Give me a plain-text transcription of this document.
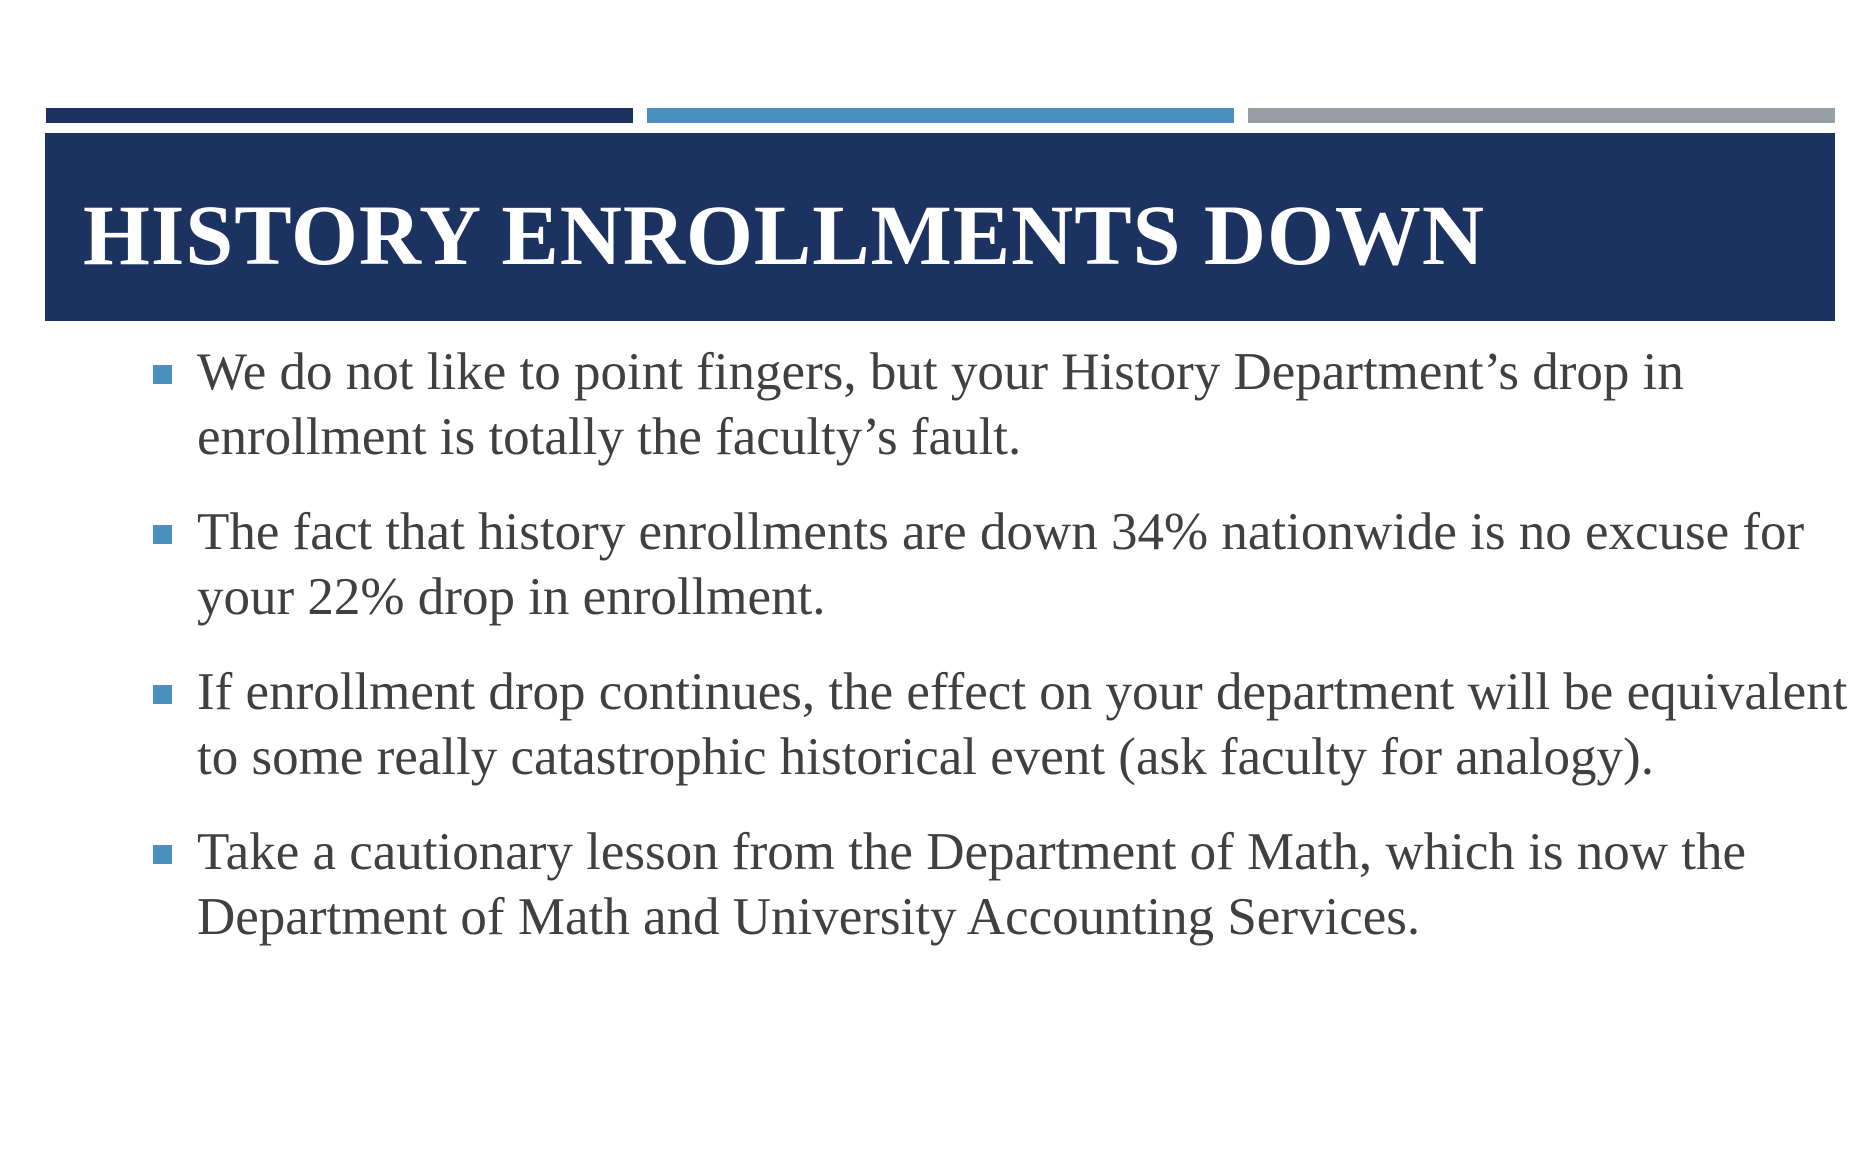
HISTORY ENROLLMENTS DOWN
We do not like to point fingers, but your History Department’s drop in enrollment is totally the faculty’s fault.
The fact that history enrollments are down 34% nationwide is no excuse for your 22% drop in enrollment.
If enrollment drop continues, the effect on your department will be equivalent to some really catastrophic historical event (ask faculty for analogy).
Take a cautionary lesson from the Department of Math, which is now the Department of Math and University Accounting Services.
